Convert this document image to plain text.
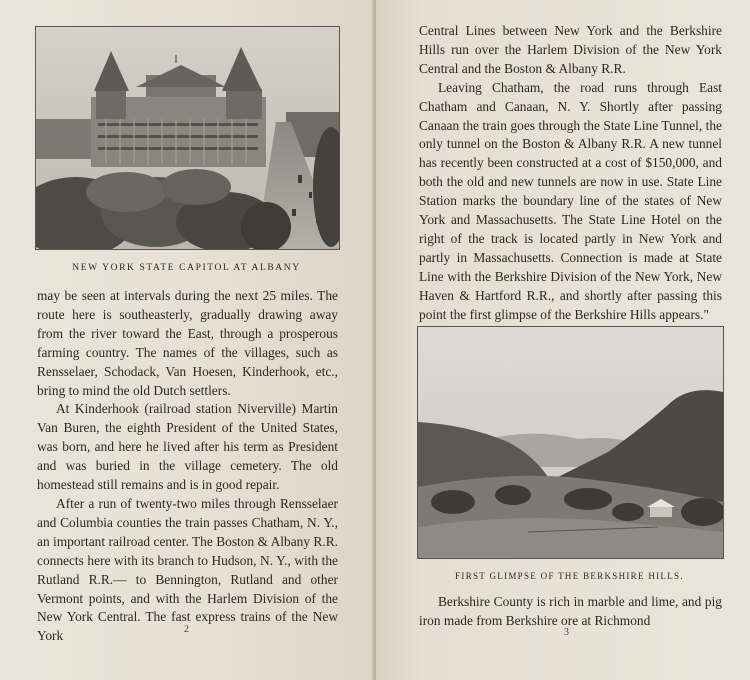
NEW YORK STATE CAPITOL AT ALBANY

may be seen at intervals during the next 25 miles. The route here is southeasterly, gradually drawing away from the river toward the East, through a prosperous farming country. The names of the villages, such as Rensselaer, Schodack, Van Hoesen, Kinderhook, etc., bring to mind the old Dutch settlers.

At Kinderhook (railroad station Niverville) Martin Van Buren, the eighth President of the United States, was born, and here he lived after his term as President and was buried in the village cemetery. The old homestead still remains and is in good repair.

After a run of twenty-two miles through Rensselaer and Columbia counties the train passes Chatham, N. Y., an important railroad center. The Boston & Albany R.R. connects here with its branch to Hudson, N. Y., with the Rutland R.R.— to Bennington, Rutland and other Vermont points, and with the Harlem Division of the New York Central. The fast express trains of the New York	2

Central Lines between New York and the Berkshire Hills run over the Harlem Division of the New York Central and the Boston & Albany R.R.

Leaving Chatham, the road runs through East Chatham and Canaan, N. Y. Shortly after passing Canaan the train goes through the State Line Tunnel, the only tunnel on the Boston & Albany R.R. A new tunnel has recently been constructed at a cost of $150,000, and both the old and new tunnels are now in use. State Line Station marks the boundary line of the states of New York and Massachusetts. The State Line Hotel on the right of the track is located partly in New York and partly in Massachusetts. Connection is made at State Line with the Berkshire Division of the New York, New Haven & Hartford R.R., and shortly after passing this point the first glimpse of the Berkshire Hills appears."

FIRST GLIMPSE OF THE BERKSHIRE HILLS.

Berkshire County is rich in marble and lime, and pig iron made from Berkshire ore at Richmond

3
